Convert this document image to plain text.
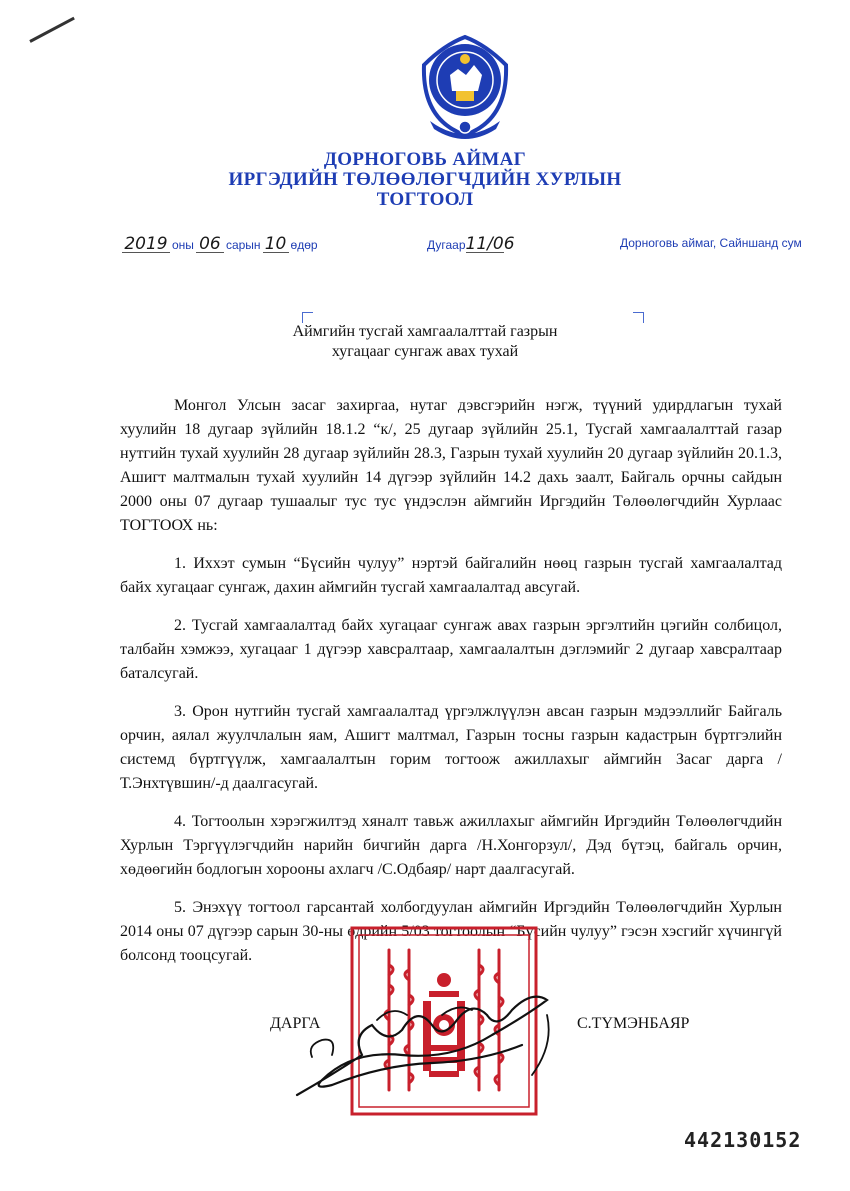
ДОРНОГОВЬ АЙМАГ
ИРГЭДИЙН ТӨЛӨӨЛӨГЧДИЙН ХУРЛЫН
ТОГТООЛ
2019 оны 06 сарын 10 өдөр	Дугаар11/06	Дорноговь аймаг, Сайншанд сум
Аймгийн тусгай хамгаалалттай газрын
хугацааг сунгаж авах тухай

Монгол Улсын засаг захиргаа, нутаг дэвсгэрийн нэгж, түүний удирдлагын тухай хуулийн 18 дугаар зүйлийн 18.1.2 “к/, 25 дугаар зүйлийн 25.1, Тусгай хамгаалалттай газар нутгийн тухай хуулийн 28 дугаар зүйлийн 28.3, Газрын тухай хуулийн 20 дугаар зүйлийн 20.1.3, Ашигт малтмалын тухай хуулийн 14 дүгээр зүйлийн 14.2 дахь заалт, Байгаль орчны сайдын 2000 оны 07 дугаар тушаалыг тус тус үндэслэн аймгийн Иргэдийн Төлөөлөгчдийн Хурлаас ТОГТООХ нь:

1. Иххэт сумын “Бүсийн чулуу” нэртэй байгалийн нөөц газрын тусгай хамгаалалтад байх хугацааг сунгаж, дахин аймгийн тусгай хамгаалалтад авсугай.

2. Тусгай хамгаалалтад байх хугацааг сунгаж авах газрын эргэлтийн цэгийн солбицол, талбайн хэмжээ, хугацааг 1 дүгээр хавсралтаар, хамгаалалтын дэглэмийг 2 дугаар хавсралтаар баталсугай.

3. Орон нутгийн тусгай хамгаалалтад үргэлжлүүлэн авсан газрын мэдээллийг Байгаль орчин, аялал жуулчлалын яам, Ашигт малтмал, Газрын тосны газрын кадастрын бүртгэлийн системд бүртгүүлж, хамгаалалтын горим тогтоож ажиллахыг аймгийн Засаг дарга /Т.Энхтүвшин/-д даалгасугай.

4. Тогтоолын хэрэгжилтэд хяналт тавьж ажиллахыг аймгийн Иргэдийн Төлөөлөгчдийн Хурлын Тэргүүлэгчдийн нарийн бичгийн дарга /Н.Хонгорзул/, Дэд бүтэц, байгаль орчин, хөдөөгийн бодлогын хорооны ахлагч /С.Одбаяр/ нарт даалгасугай.

5. Энэхүү тогтоол гарсантай холбогдуулан аймгийн Иргэдийн Төлөөлөгчдийн Хурлын 2014 оны 07 дүгээр сарын 30-ны өдрийн 5/03 тогтоолын “Бүсийн чулуу” гэсэн хэсгийг хүчингүй болсонд тооцсугай.

ДАРГА	С.ТҮМЭНБАЯР
442130152
